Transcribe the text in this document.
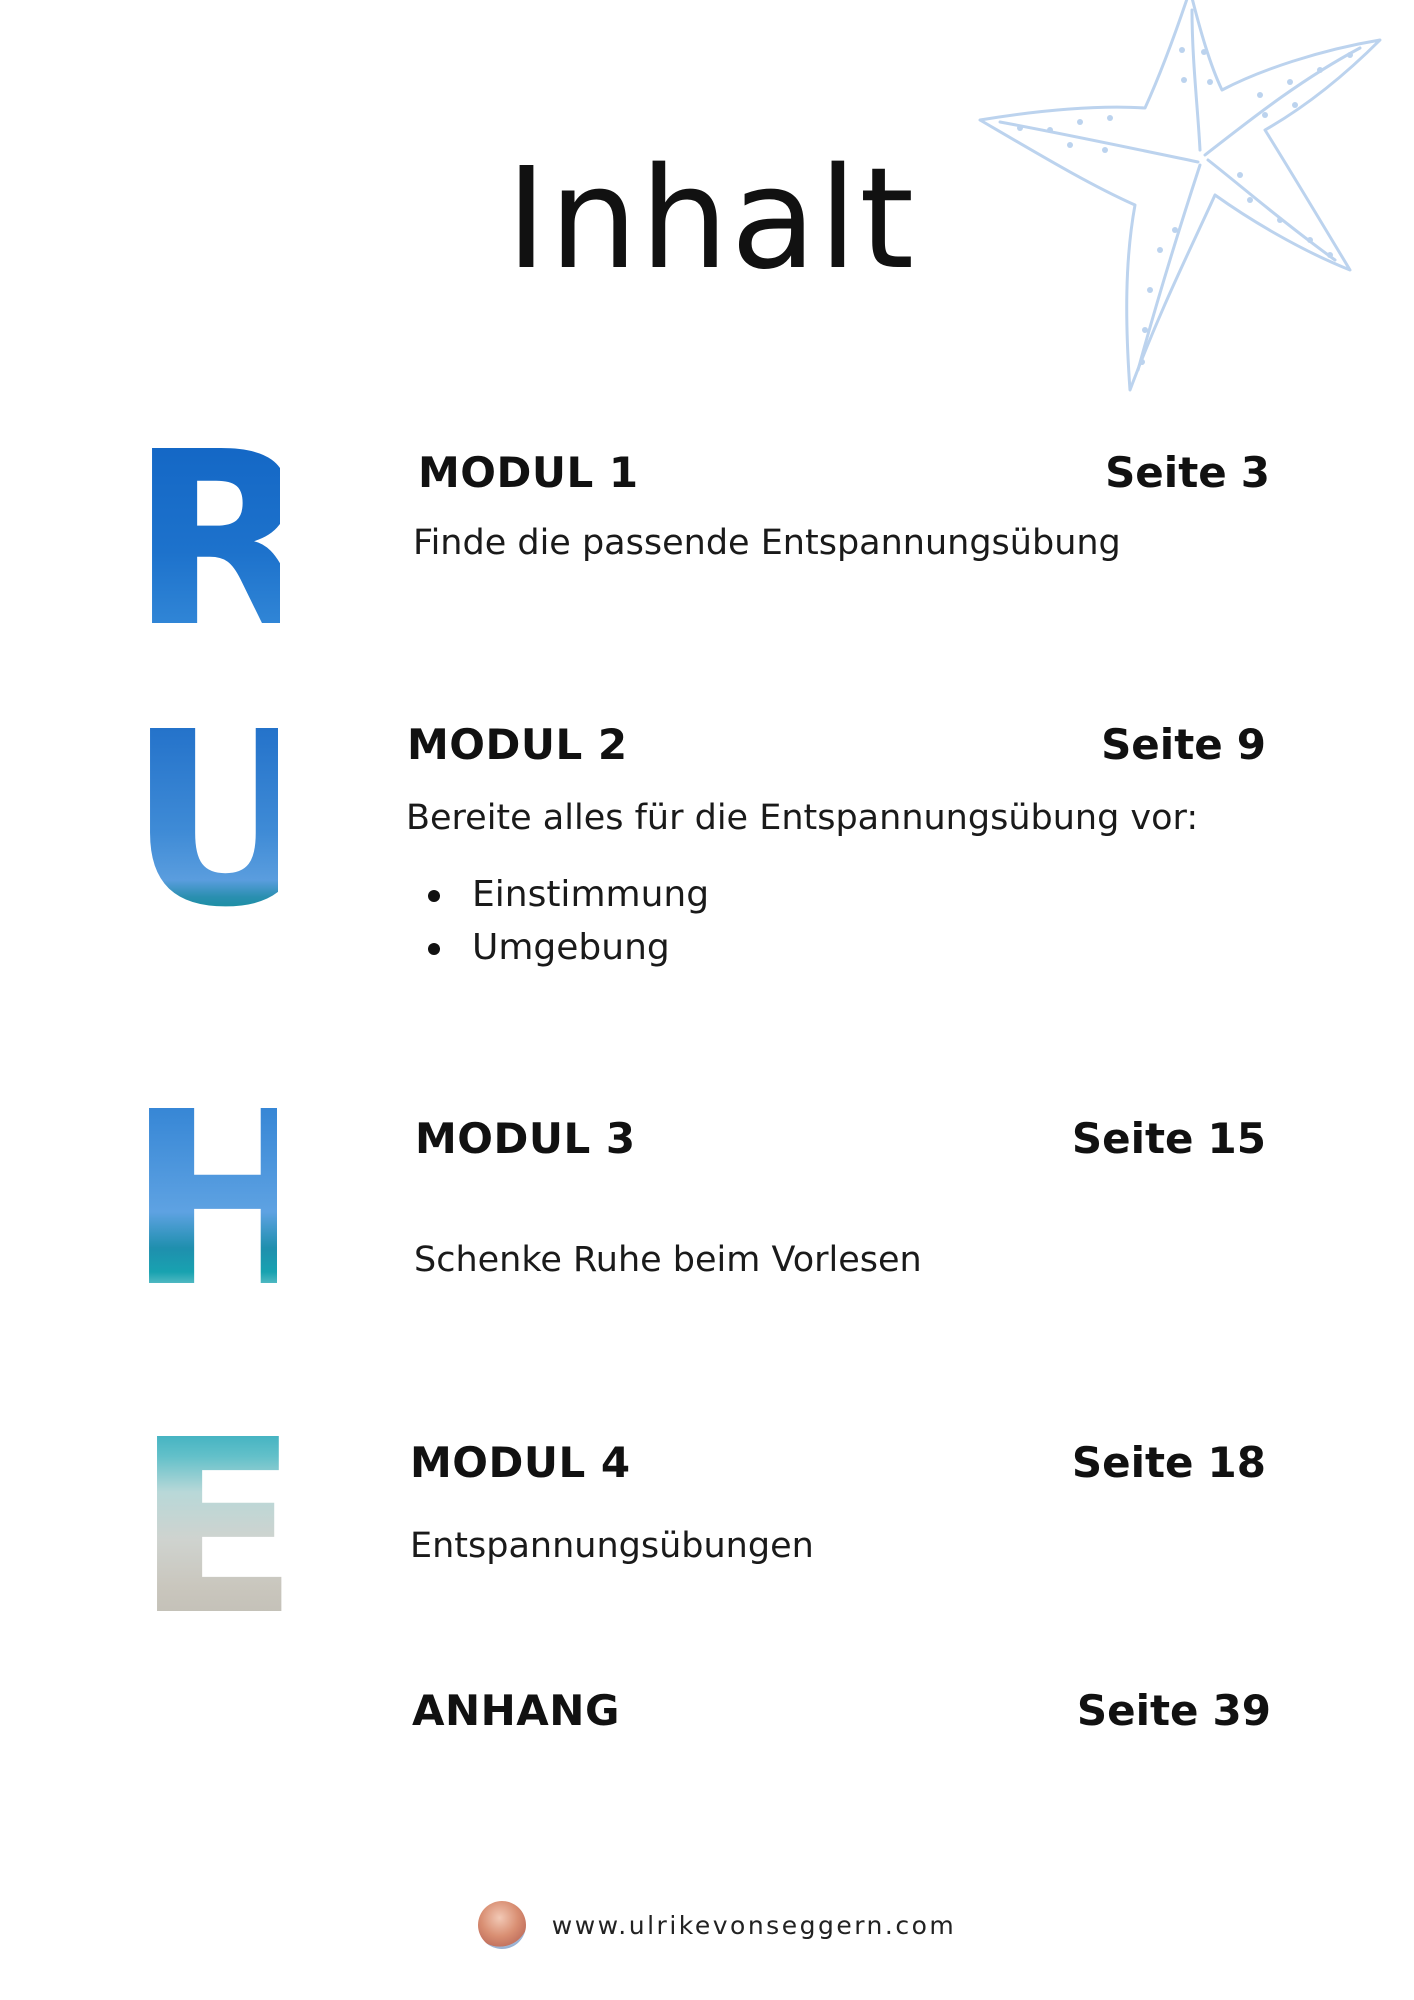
Inhalt
R
U
H
E
MODUL 1	Seite 3
Finde die passende Entspannungsübung
MODUL 2	Seite 9
Bereite alles für die Entspannungsübung vor:
Einstimmung
Umgebung
MODUL 3	Seite 15
Schenke Ruhe beim Vorlesen
MODUL 4	Seite 18
Entspannungsübungen
ANHANG	Seite 39
www.ulrikevonseggern.com
